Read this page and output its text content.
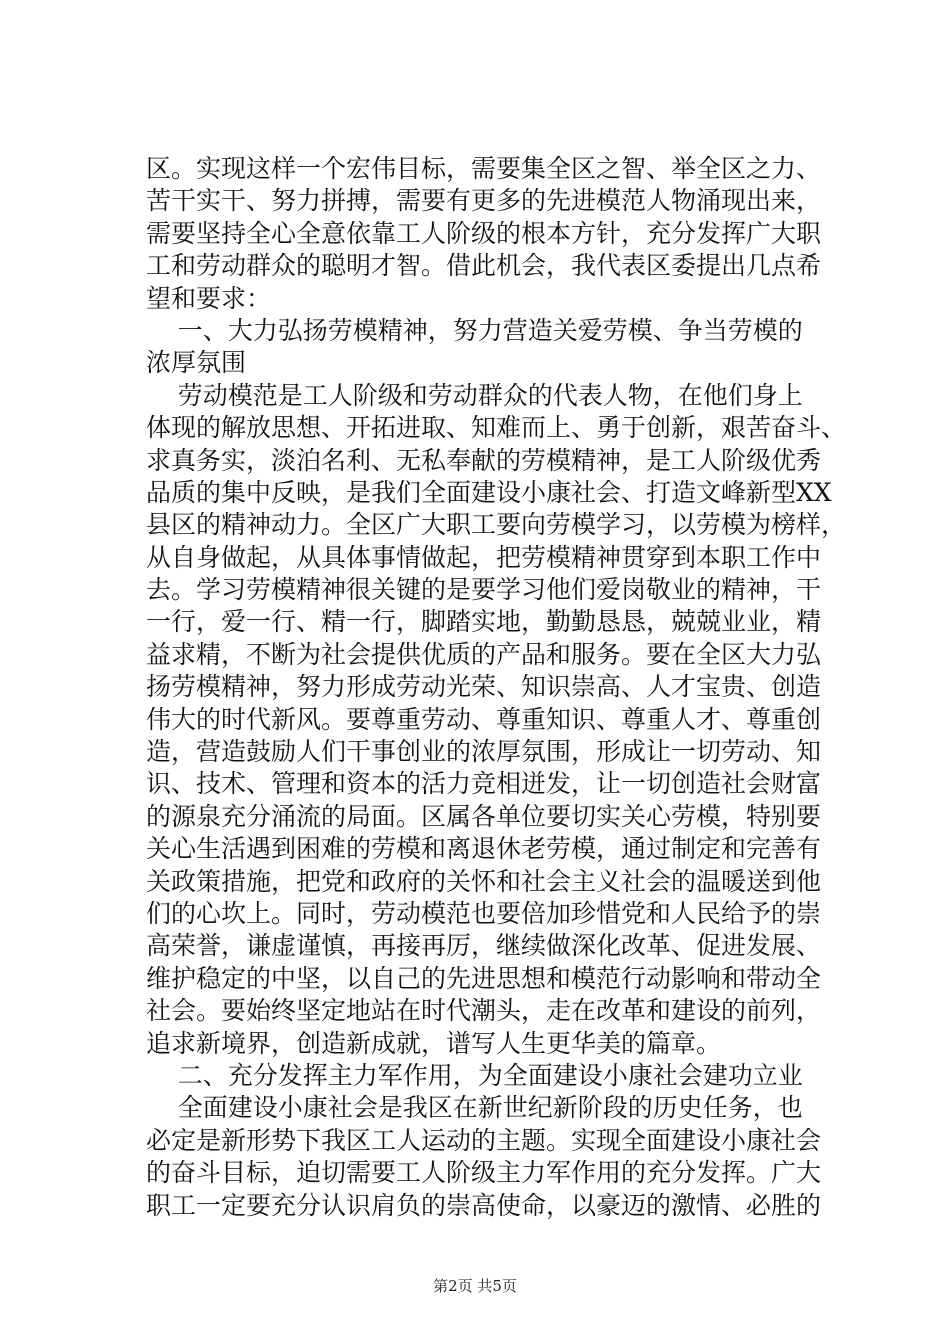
区。实现这样一个宏伟目标，需要集全区之智、举全区之力、
苦干实干、努力拼搏，需要有更多的先进模范人物涌现出来，
需要坚持全心全意依靠工人阶级的根本方针，充分发挥广大职
工和劳动群众的聪明才智。借此机会，我代表区委提出几点希
望和要求：
一、大力弘扬劳模精神，努力营造关爱劳模、争当劳模的
浓厚氛围
劳动模范是工人阶级和劳动群众的代表人物，在他们身上
体现的解放思想、开拓进取、知难而上、勇于创新，艰苦奋斗、
求真务实，淡泊名利、无私奉献的劳模精神，是工人阶级优秀
品质的集中反映，是我们全面建设小康社会、打造文峰新型XX
县区的精神动力。全区广大职工要向劳模学习，以劳模为榜样，
从自身做起，从具体事情做起，把劳模精神贯穿到本职工作中
去。学习劳模精神很关键的是要学习他们爱岗敬业的精神，干
一行，爱一行、精一行，脚踏实地，勤勤恳恳，兢兢业业，精
益求精，不断为社会提供优质的产品和服务。要在全区大力弘
扬劳模精神，努力形成劳动光荣、知识崇高、人才宝贵、创造
伟大的时代新风。要尊重劳动、尊重知识、尊重人才、尊重创
造，营造鼓励人们干事创业的浓厚氛围，形成让一切劳动、知
识、技术、管理和资本的活力竞相迸发，让一切创造社会财富
的源泉充分涌流的局面。区属各单位要切实关心劳模，特别要
关心生活遇到困难的劳模和离退休老劳模，通过制定和完善有
关政策措施，把党和政府的关怀和社会主义社会的温暖送到他
们的心坎上。同时，劳动模范也要倍加珍惜党和人民给予的崇
高荣誉，谦虚谨慎，再接再厉，继续做深化改革、促进发展、
维护稳定的中坚，以自己的先进思想和模范行动影响和带动全
社会。要始终坚定地站在时代潮头，走在改革和建设的前列，
追求新境界，创造新成就，谱写人生更华美的篇章。
二、充分发挥主力军作用，为全面建设小康社会建功立业
全面建设小康社会是我区在新世纪新阶段的历史任务，也
必定是新形势下我区工人运动的主题。实现全面建设小康社会
的奋斗目标，迫切需要工人阶级主力军作用的充分发挥。广大
职工一定要充分认识肩负的崇高使命，以豪迈的激情、必胜的
第2页 共5页
